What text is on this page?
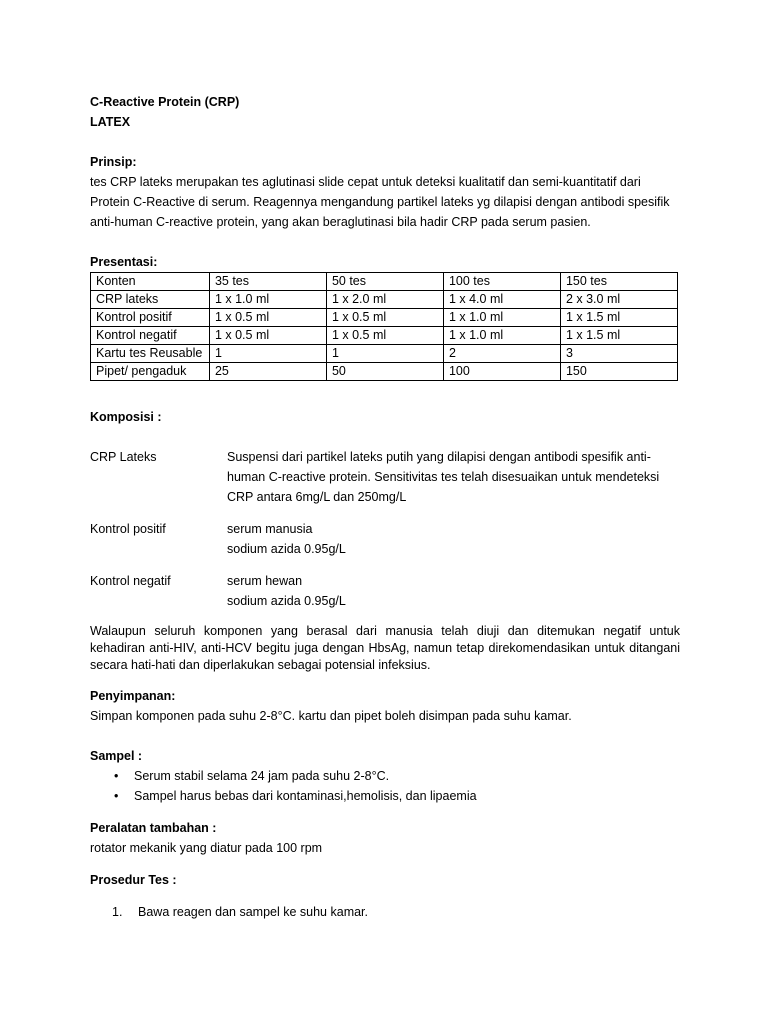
C-Reactive Protein (CRP)

LATEX

Prinsip:

tes CRP lateks merupakan tes aglutinasi slide cepat untuk deteksi kualitatif dan semi-kuantitatif dari

Protein C-Reactive di serum. Reagennya mengandung partikel lateks yg dilapisi dengan antibodi spesifik

anti-human C-reactive protein, yang akan beraglutinasi bila hadir CRP pada serum pasien.

Presentasi:

Konten	35 tes	50 tes	100 tes	150 tes
CRP lateks	1 x 1.0 ml	1 x 2.0 ml	1 x 4.0 ml	2 x 3.0 ml
Kontrol positif	1 x 0.5 ml	1 x 0.5 ml	1 x 1.0 ml	1 x 1.5 ml
Kontrol negatif	1 x 0.5 ml	1 x 0.5 ml	1 x 1.0 ml	1 x 1.5 ml
Kartu tes Reusable	1	1	2	3
Pipet/ pengaduk	25	50	100	150

Komposisi :

CRP Lateks	Suspensi dari partikel lateks putih yang dilapisi dengan antibodi spesifik anti-

human C-reactive protein. Sensitivitas tes telah disesuaikan untuk mendeteksi

CRP antara 6mg/L dan 250mg/L

Kontrol positif	serum manusia

sodium azida 0.95g/L

Kontrol negatif	serum hewan

sodium azida 0.95g/L

Walaupun seluruh komponen yang berasal dari manusia telah diuji dan ditemukan negatif untuk

kehadiran anti-HIV, anti-HCV begitu juga dengan HbsAg, namun tetap direkomendasikan untuk ditangani

secara hati-hati dan diperlakukan sebagai potensial infeksius.

Penyimpanan:

Simpan komponen pada suhu 2-8°C. kartu dan pipet boleh disimpan pada suhu kamar.

Sampel :

• Serum stabil selama 24 jam pada suhu 2-8°C.
• Sampel harus bebas dari kontaminasi,hemolisis, dan lipaemia

Peralatan tambahan :

rotator mekanik yang diatur pada 100 rpm

Prosedur Tes :

1. Bawa reagen dan sampel ke suhu kamar.
